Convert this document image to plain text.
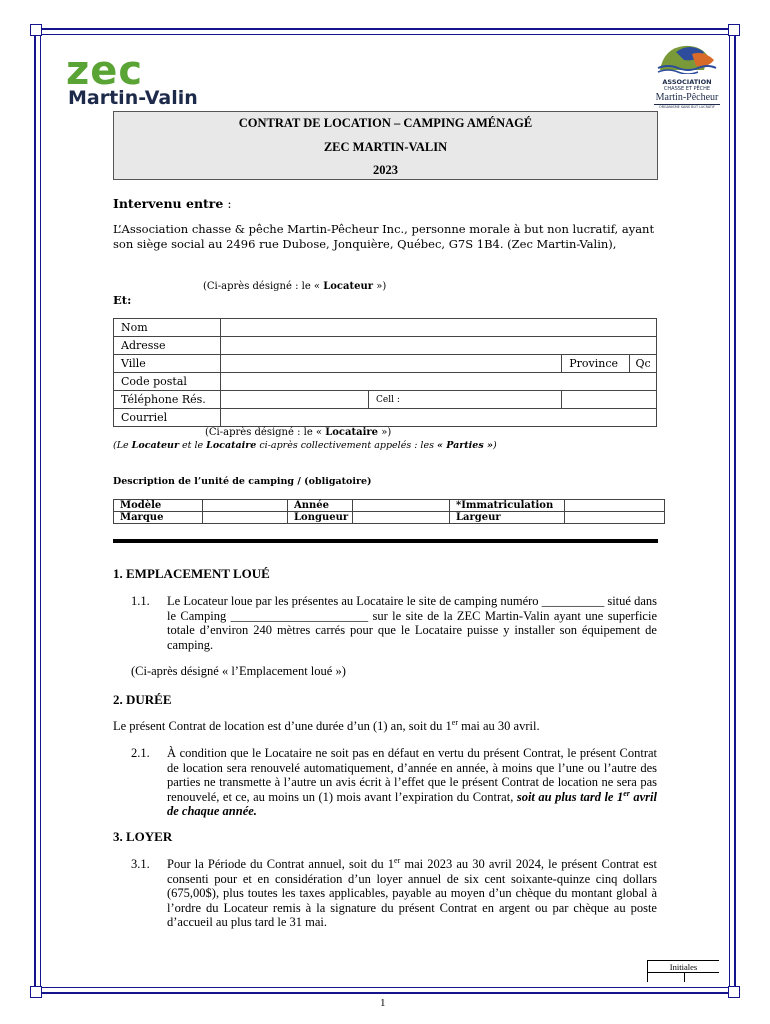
zec
Martin-Valin
ASSOCIATION
CHASSE ET PÊCHE
Martin-Pêcheur
ORGANISME SANS BUT LUCRATIF
CONTRAT DE LOCATION – CAMPING AMÉNAGÉ
ZEC MARTIN-VALIN
2023
Intervenu entre :
L’Association chasse & pêche Martin-Pêcheur Inc., personne morale à but non lucratif, ayant son siège social au 2496 rue Dubose, Jonquière, Québec, G7S 1B4. (Zec Martin-Valin),
(Ci-après désigné : le « Locateur »)
Et:
Nom				
Adresse				
Ville			Province	Qc
Code postal				
Téléphone Rés.		Cell :		
Courriel				
(Ci-après désigné : le « Locataire »)
(Le Locateur et le Locataire ci-après collectivement appelés : les « Parties »)
Description de l’unité de camping / (obligatoire)
Modèle		Année		*Immatriculation	
Marque		Longueur		Largeur	
1. EMPLACEMENT LOUÉ
1.1. Le Locateur loue par les présentes au Locataire le site de camping numéro __________ situé dans le Camping ______________________ sur le site de la ZEC Martin-Valin ayant une superficie totale d’environ 240 mètres carrés pour que le Locataire puisse y installer son équipement de camping.
(Ci-après désigné « l’Emplacement loué »)
2. DURÉE
Le présent Contrat de location est d’une durée d’un (1) an, soit du 1er mai au 30 avril.
2.1. À condition que le Locataire ne soit pas en défaut en vertu du présent Contrat, le présent Contrat de location sera renouvelé automatiquement, d’année en année, à moins que l’une ou l’autre des parties ne transmette à l’autre un avis écrit à l’effet que le présent Contrat de location ne sera pas renouvelé, et ce, au moins un (1) mois avant l’expiration du Contrat, soit au plus tard le 1er avril de chaque année.
3. LOYER
3.1. Pour la Période du Contrat annuel, soit du 1er mai 2023 au 30 avril 2024, le présent Contrat est consenti pour et en considération d’un loyer annuel de six cent soixante-quinze cinq dollars (675,00$), plus toutes les taxes applicables, payable au moyen d’un chèque du montant global à l’ordre du Locateur remis à la signature du présent Contrat en argent ou par chèque au poste d’accueil au plus tard le 31 mai.
Initiales
1
